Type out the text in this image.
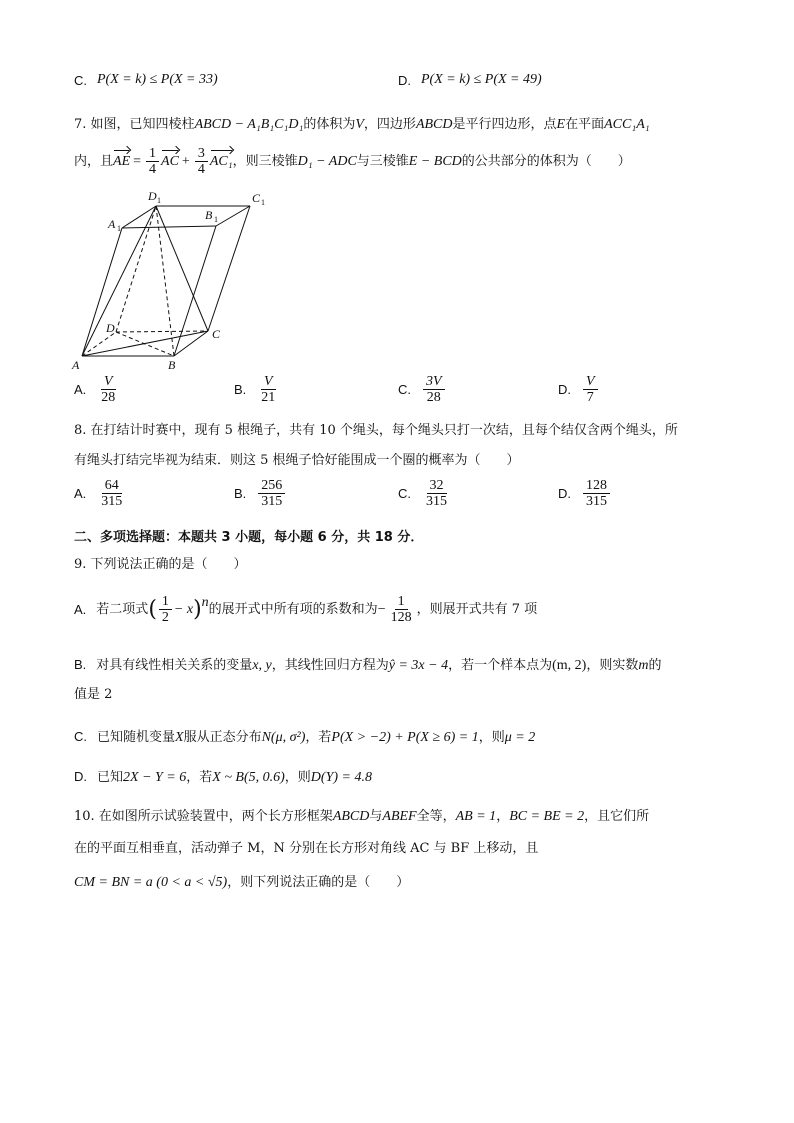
C. P(X = k) ≤ P(X = 33)	D. P(X = k) ≤ P(X = 49)
7. 如图，已知四棱柱ABCD − A₁B₁C₁D₁的体积为V，四边形ABCD是平行四边形，点E在平面ACC₁A₁
内，且 AE = $\frac{1}{4}$ AC + $\frac{3}{4} AC_1$ ，则三棱锥 D₁ − ADC 与三棱锥 E − BCD 的公共部分的体积为（　　）
A	B
C
D
A 1
B 1
C 1
D 1
A. $\frac{V}{28}$	B. $\frac{V}{21}$	C. $\frac{3V}{28}$	D. $\frac{V}{7}$
8. 在打结计时赛中，现有 5 根绳子，共有 10 个绳头，每个绳头只打一次结，且每个结仅含两个绳头，所
有绳头打结完毕视为结束．则这 5 根绳子恰好能围成一个圈的概率为（　　）
A. $\frac{64}{315}$	B. $\frac{256}{315}$	C. $\frac{32}{315}$	D. $\frac{128}{315}$
二、多项选择题：本题共 3 小题，每小题 6 分，共 18 分．
9. 下列说法正确的是（　　）
A. 若二项式 ( $\frac{1}{2} - x$ ) n 的展开式中所有项的系数和为 − $\frac{1}{128}$ ，则展开式共有 7 项
B. 对具有线性相关关系的变量x, y，其线性回归方程为ŷ = 3x − 4，若一个样本点为(m, 2)，则实数m的
值是 2
C. 已知随机变量X服从正态分布N(μ, σ²)，若P(X > −2) + P(X ≥ 6) = 1，则μ = 2
D. 已知2X − Y = 6，若X ~ B(5, 0.6)，则D(Y) = 4.8
10. 在如图所示试验装置中，两个长方形框架ABCD与ABEF全等，AB = 1，BC = BE = 2，且它们所
在的平面互相垂直，活动弹子 M，N 分别在长方形对角线 AC 与 BF 上移动，且
CM = BN = a (0 < a < √5)，则下列说法正确的是（　　）
